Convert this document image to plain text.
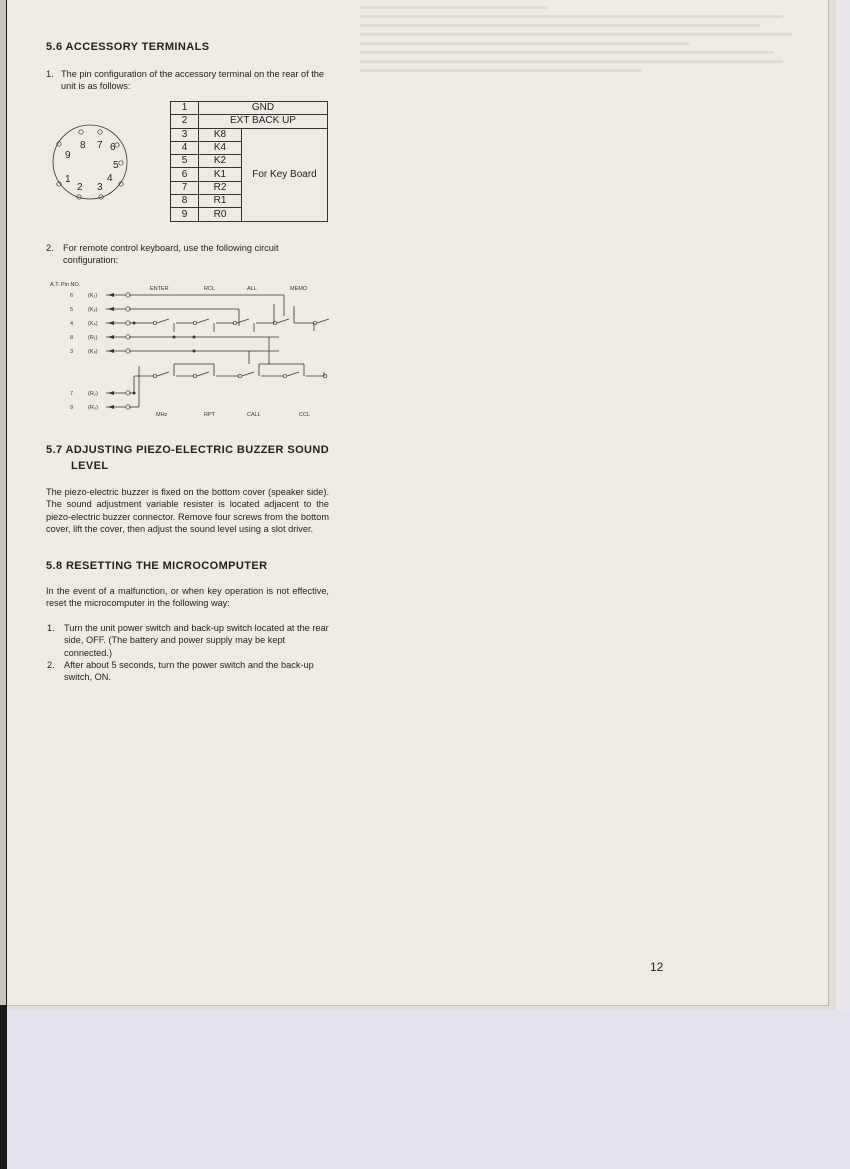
5.6 ACCESSORY TERMINALS
1. The pin configuration of the accessory terminal on the rear of the unit is as follows:

8 7 6
9
5
1	4
2 3
1	GND	
2	EXT BACK UP	
3	K8	For Key Board
4	K4	
5	K2	
6	K1	
7	R2	
8	R1	
9	R0	
2. For remote control keyboard, use the following circuit configuration:

A.T. Pin NO.
ENTER	RCL	ALL	MEMO
MHz	RPT	CALL	CCL
6	(K₁)
5	(K₂)
4	(K₄)
8	(R₁)
3	(K₈)
7	(R₂)
9	(R₀)
5.7 ADJUSTING PIEZO-ELECTRIC BUZZER SOUND
LEVEL

The piezo-electric buzzer is fixed on the bottom cover (speaker side). The sound adjustment variable resister is located adjacent to the piezo-electric buzzer connector. Remove four screws from the bottom cover, lift the cover, then adjust the sound level using a slot driver.

5.8 RESETTING THE MICROCOMPUTER

In the event of a malfunction, or when key operation is not effective, reset the microcomputer in the following way:

1. Turn the unit power switch and back-up switch located at the rear side, OFF. (The battery and power supply may be kept connected.)

2. After about 5 seconds, turn the power switch and the back-up switch, ON.

12
